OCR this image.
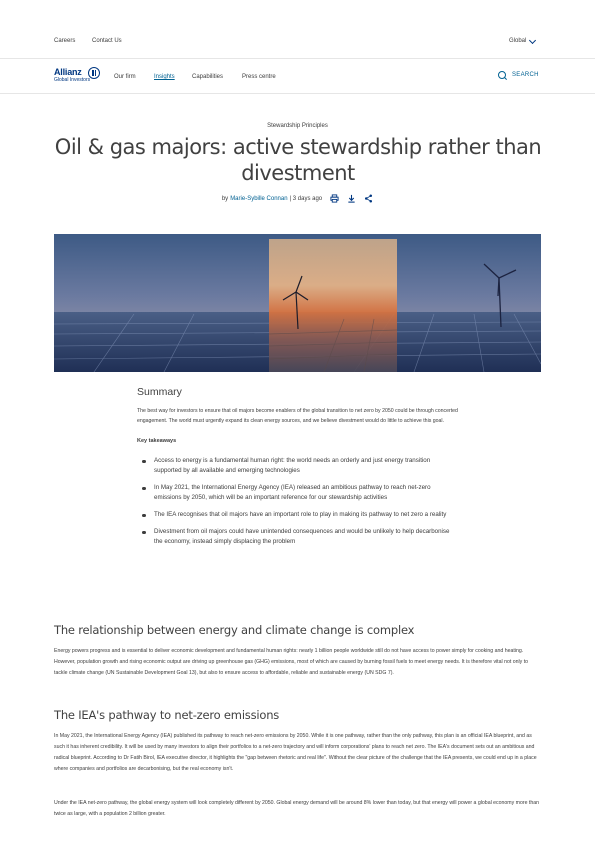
Careers	Contact Us	Global
Allianz
Global Investors	Our firm	Insights	Capabilities	Press centre	SEARCH
Stewardship Principles
Oil & gas majors: active stewardship rather than divestment
by Marie-Sybille Connan | 3 days ago
Summary

The best way for investors to ensure that oil majors become enablers of the global transition to net zero by 2050 could be through concerted engagement. The world must urgently expand its clean energy sources, and we believe divestment would do little to achieve this goal.

Key takeaways
Access to energy is a fundamental human right: the world needs an orderly and just energy transition supported by all available and emerging technologies
In May 2021, the International Energy Agency (IEA) released an ambitious pathway to reach net-zero emissions by 2050, which will be an important reference for our stewardship activities
The IEA recognises that oil majors have an important role to play in making its pathway to net zero a reality
Divestment from oil majors could have unintended consequences and would be unlikely to help decarbonise the economy, instead simply displacing the problem
The relationship between energy and climate change is complex

Energy powers progress and is essential to deliver economic development and fundamental human rights: nearly 1 billion people worldwide still do not have access to power simply for cooking and heating. However, population growth and rising economic output are driving up greenhouse gas (GHG) emissions, most of which are caused by burning fossil fuels to meet energy needs. It is therefore vital not only to tackle climate change (UN Sustainable Development Goal 13), but also to ensure access to affordable, reliable and sustainable energy (UN SDG 7).

The IEA's pathway to net-zero emissions

In May 2021, the International Energy Agency (IEA) published its pathway to reach net-zero emissions by 2050. While it is one pathway, rather than the only pathway, this plan is an official IEA blueprint, and as such it has inherent credibility. It will be used by many investors to align their portfolios to a net-zero trajectory and will inform corporations' plans to reach net zero. The IEA's document sets out an ambitious and radical blueprint. According to Dr Fatih Birol, IEA executive director, it highlights the "gap between rhetoric and real life". Without the clear picture of the challenge that the IEA presents, we could end up in a place where companies and portfolios are decarbonising, but the real economy isn't.

Under the IEA net-zero pathway, the global energy system will look completely different by 2050. Global energy demand will be around 8% lower than today, but that energy will power a global economy more than twice as large, with a population 2 billion greater.
